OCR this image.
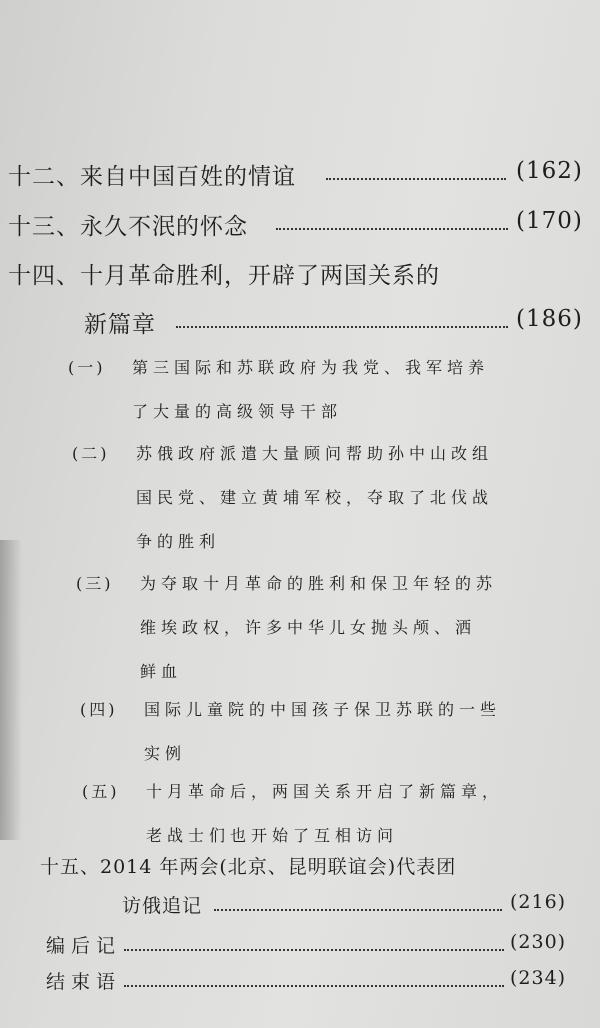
十二、来自中国百姓的情谊	(162)
十三、永久不泯的怀念	(170)
十四、十月革命胜利，开辟了两国关系的
新篇章	(186)
(一) 第三国际和苏联政府为我党、我军培养
了大量的高级领导干部
(二) 苏俄政府派遣大量顾问帮助孙中山改组
国民党、建立黄埔军校，夺取了北伐战
争的胜利
(三) 为夺取十月革命的胜利和保卫年轻的苏
维埃政权，许多中华儿女抛头颅、洒
鲜血
(四) 国际儿童院的中国孩子保卫苏联的一些
实例
(五) 十月革命后，两国关系开启了新篇章，
老战士们也开始了互相访问
十五、2014 年两会(北京、昆明联谊会)代表团
访俄追记	(216)
编后记	(230)
结束语	(234)
